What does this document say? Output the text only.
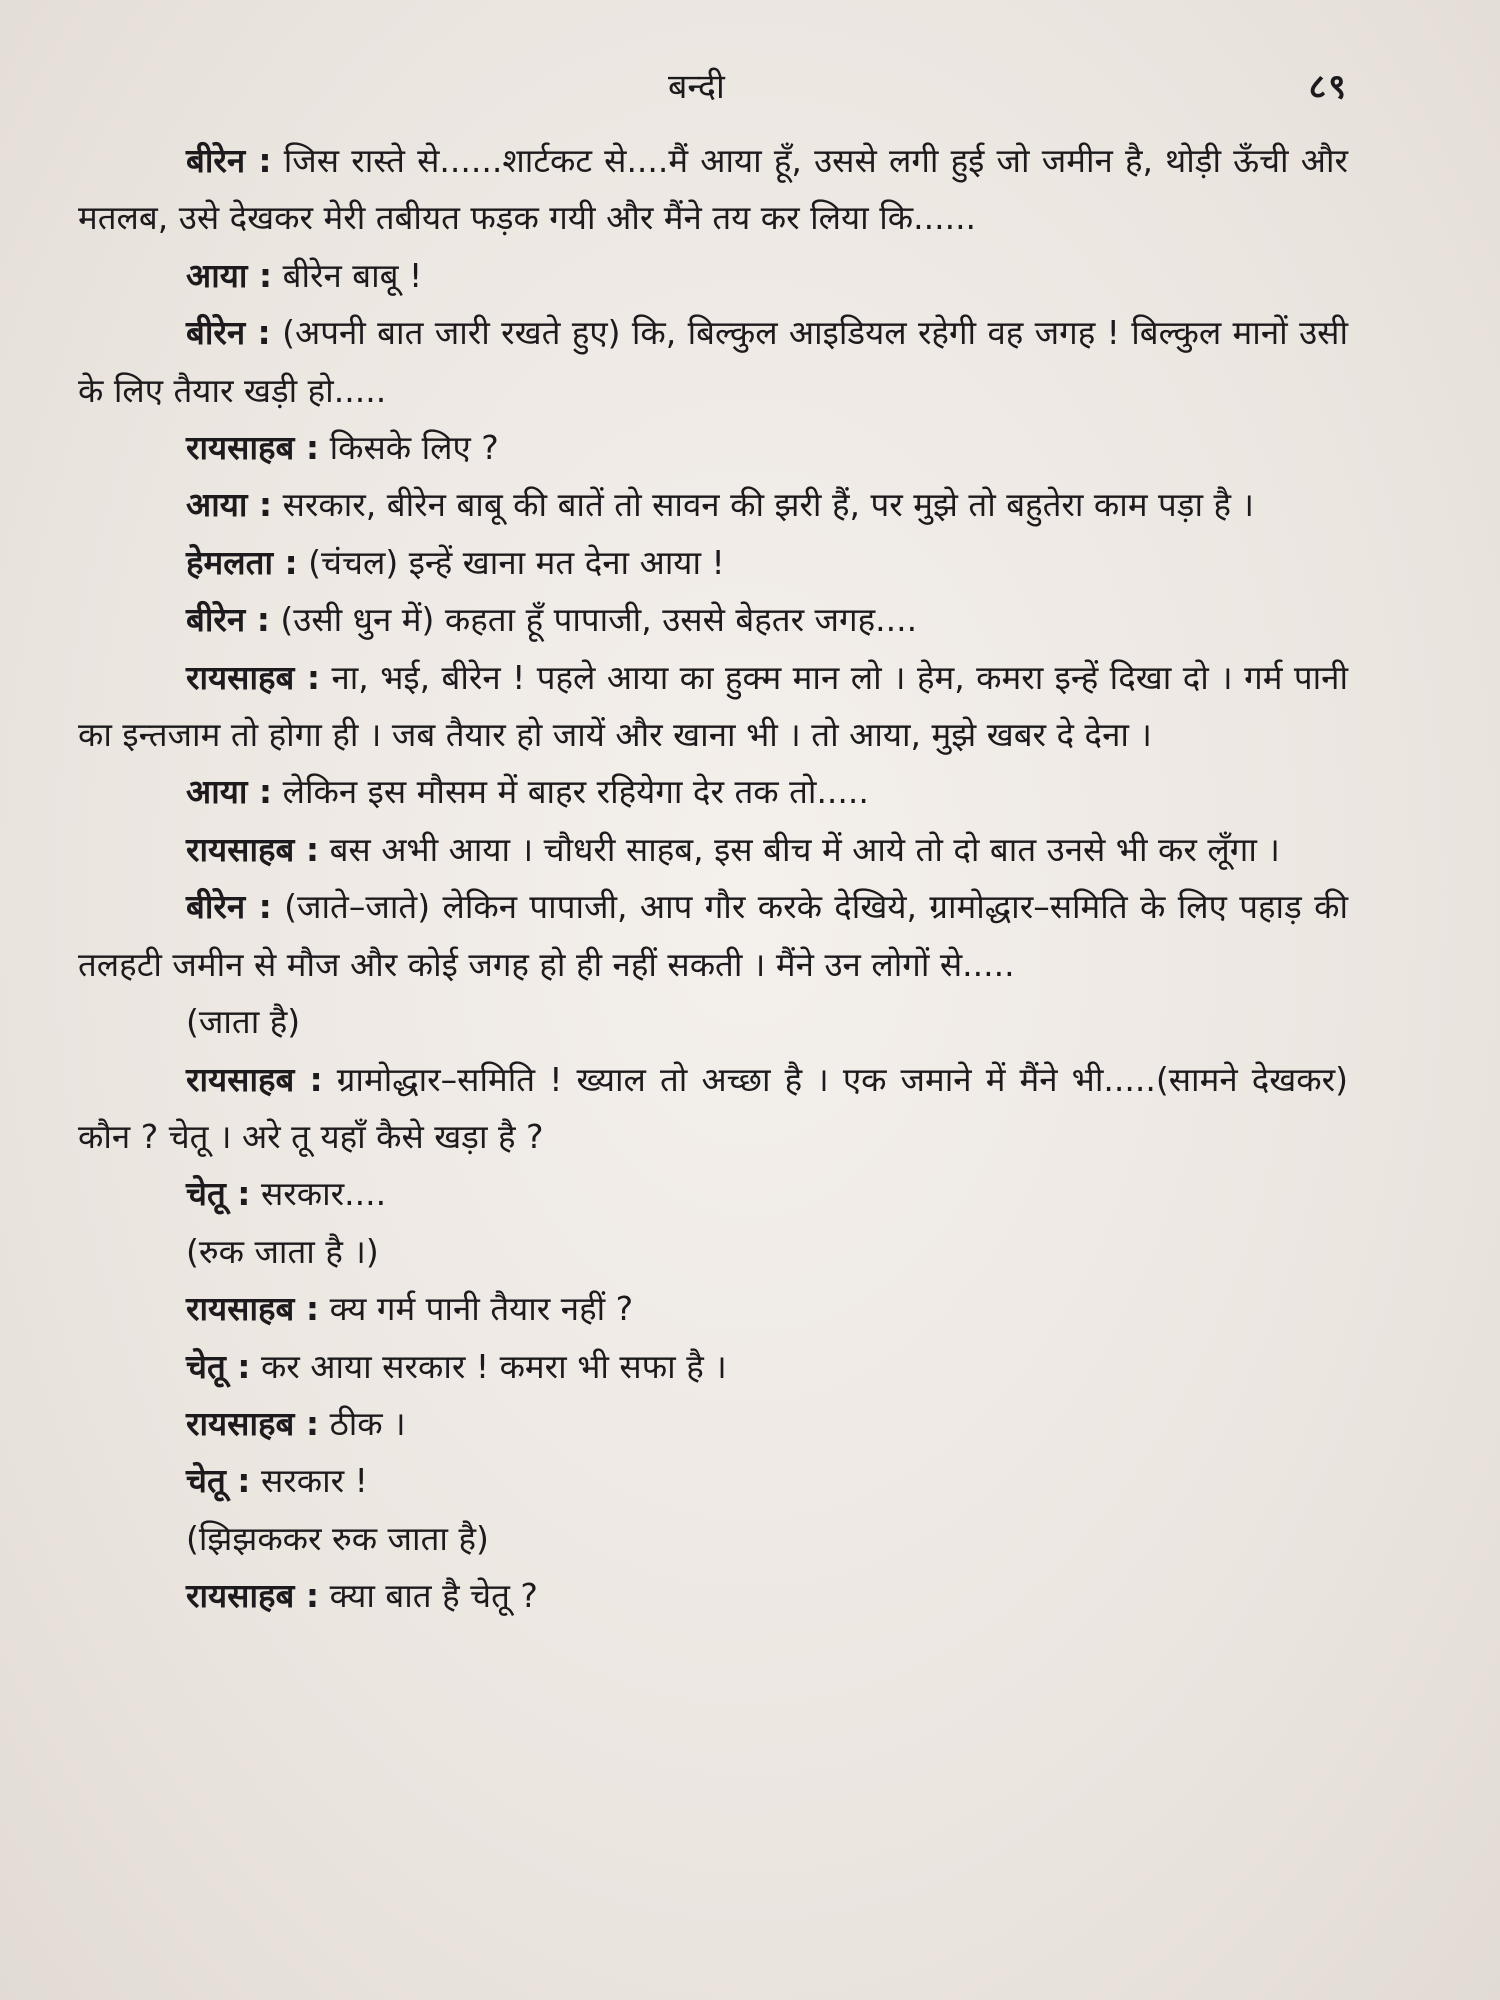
बन्दी	८९

बीरेन : जिस रास्ते से......शार्टकट से....मैं आया हूँ, उससे लगी हुई जो जमीन है, थोड़ी ऊँची और मतलब, उसे देखकर मेरी तबीयत फड़क गयी और मैंने तय कर लिया कि......

आया : बीरेन बाबू !

बीरेन : (अपनी बात जारी रखते हुए) कि, बिल्कुल आइडियल रहेगी वह जगह ! बिल्कुल मानों उसी के लिए तैयार खड़ी हो.....

रायसाहब : किसके लिए ?

आया : सरकार, बीरेन बाबू की बातें तो सावन की झरी हैं, पर मुझे तो बहुतेरा काम पड़ा है ।

हेमलता : (चंचल) इन्हें खाना मत देना आया !

बीरेन : (उसी धुन में) कहता हूँ पापाजी, उससे बेहतर जगह....

रायसाहब : ना, भई, बीरेन ! पहले आया का हुक्म मान लो । हेम, कमरा इन्हें दिखा दो । गर्म पानी का इन्तजाम तो होगा ही । जब तैयार हो जायें और खाना भी । तो आया, मुझे खबर दे देना ।

आया : लेकिन इस मौसम में बाहर रहियेगा देर तक तो.....

रायसाहब : बस अभी आया । चौधरी साहब, इस बीच में आये तो दो बात उनसे भी कर लूँगा ।

बीरेन : (जाते–जाते) लेकिन पापाजी, आप गौर करके देखिये, ग्रामोद्धार–समिति के लिए पहाड़ की तलहटी जमीन से मौज और कोई जगह हो ही नहीं सकती । मैंने उन लोगों से.....

(जाता है)

रायसाहब : ग्रामोद्धार–समिति ! ख्याल तो अच्छा है । एक जमाने में मैंने भी.....(सामने देखकर) कौन ? चेतू । अरे तू यहाँ कैसे खड़ा है ?

चेतू : सरकार....

(रुक जाता है ।)

रायसाहब : क्य गर्म पानी तैयार नहीं ?

चेतू : कर आया सरकार ! कमरा भी सफा है ।

रायसाहब : ठीक ।

चेतू : सरकार !

(झिझककर रुक जाता है)

रायसाहब : क्या बात है चेतू ?
